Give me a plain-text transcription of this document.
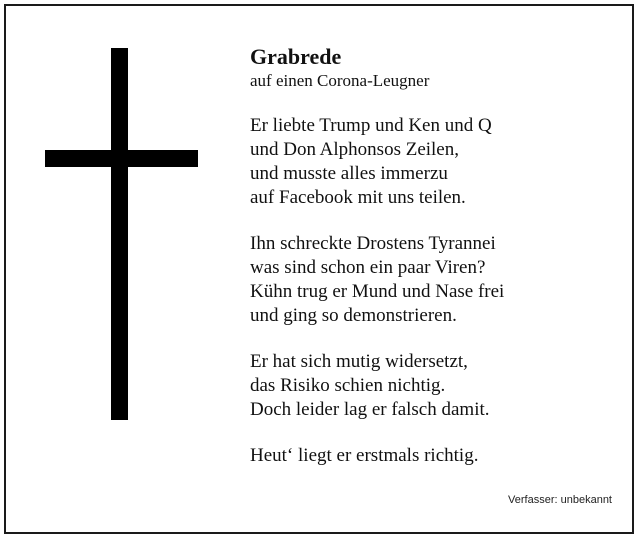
Grabrede
auf einen Corona-Leugner
Er liebte Trump und Ken und Q
und Don Alphonsos Zeilen,
und musste alles immerzu
auf Facebook mit uns teilen.
Ihn schreckte Drostens Tyrannei
was sind schon ein paar Viren?
Kühn trug er Mund und Nase frei
und ging so demonstrieren.
Er hat sich mutig widersetzt,
das Risiko schien nichtig.
Doch leider lag er falsch damit.
Heut‘ liegt er erstmals richtig.
Verfasser: unbekannt
